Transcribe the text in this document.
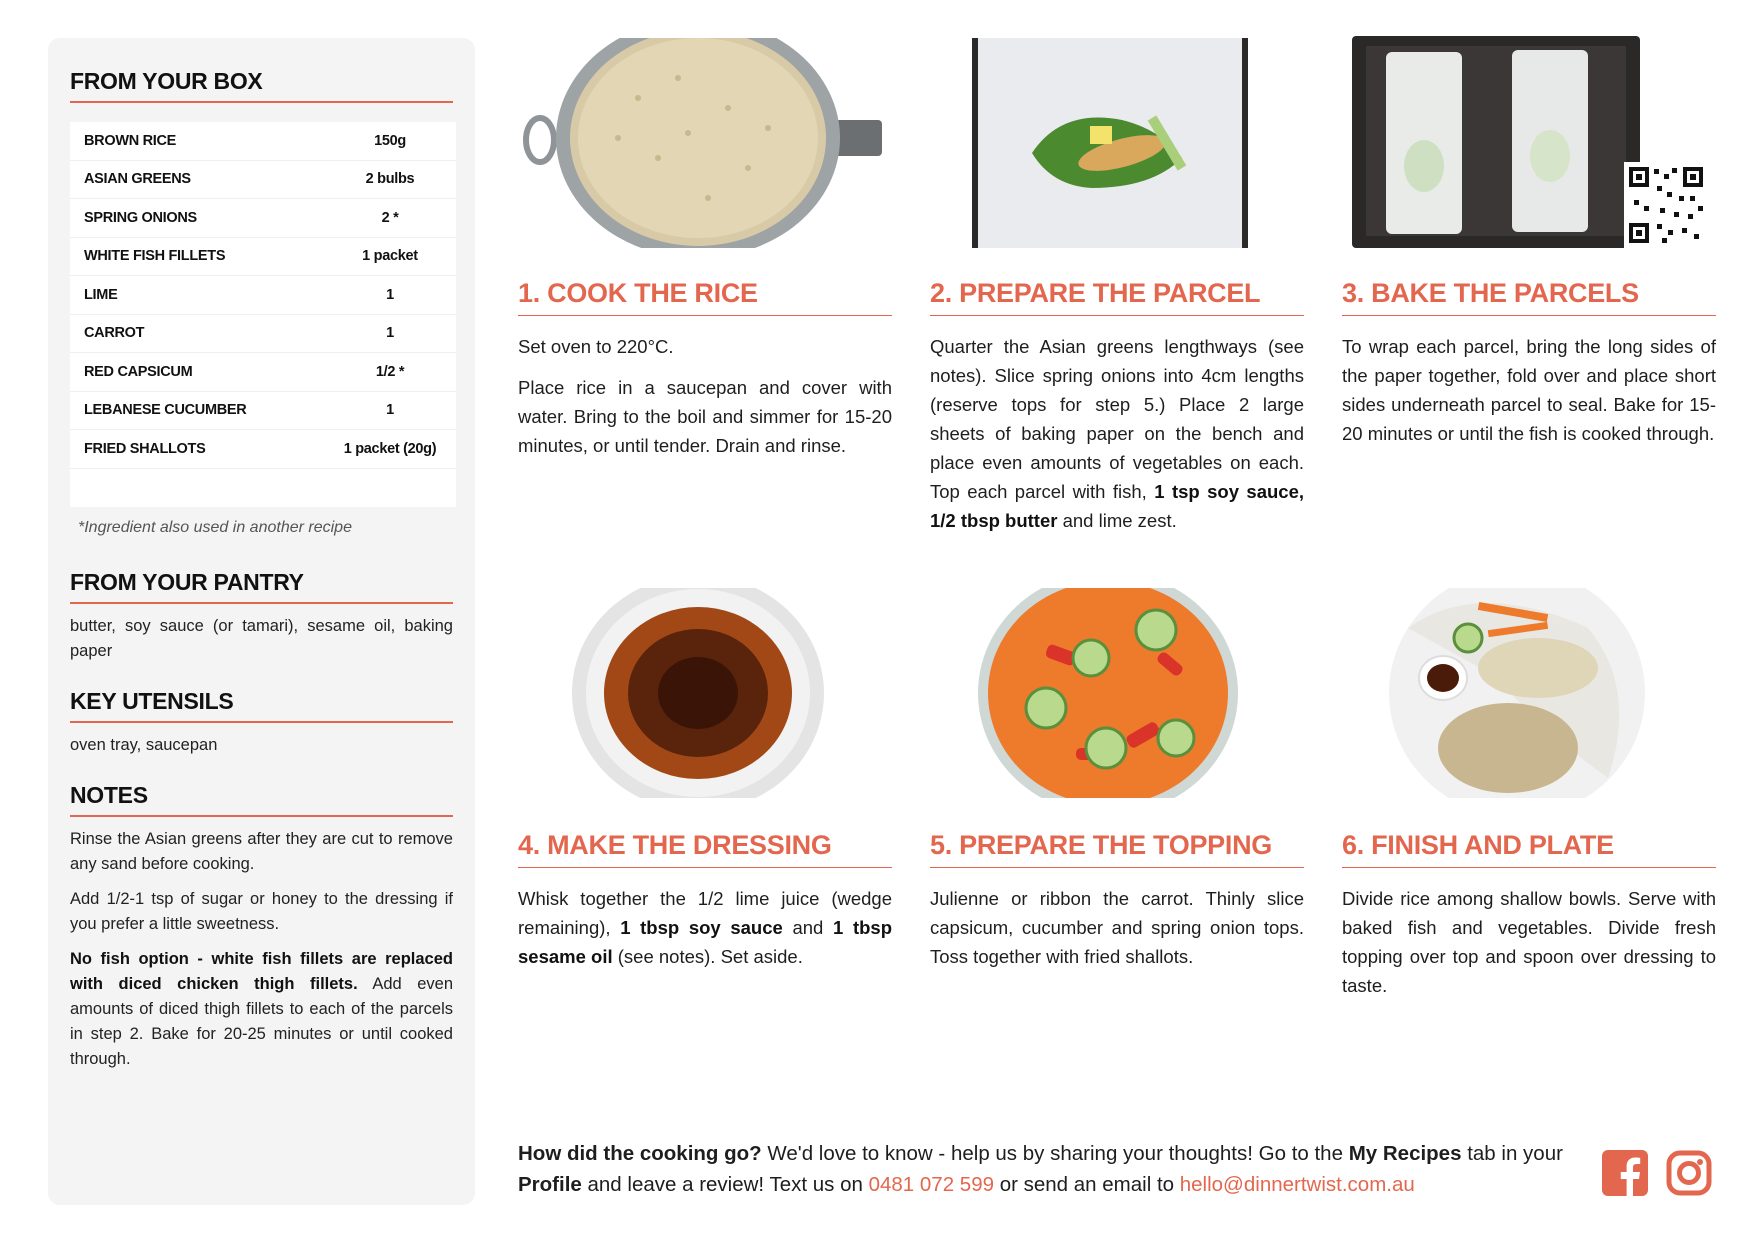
FROM YOUR BOX
BROWN RICE	150g
ASIAN GREENS	2 bulbs
SPRING ONIONS	2 *
WHITE FISH FILLETS	1 packet
LIME	1
CARROT	1
RED CAPSICUM	1/2 *
LEBANESE CUCUMBER	1
FRIED SHALLOTS	1 packet (20g)
*Ingredient also used in another recipe
FROM YOUR PANTRY
butter, soy sauce (or tamari), sesame oil, baking paper
KEY UTENSILS
oven tray, saucepan
NOTES

Rinse the Asian greens after they are cut to remove any sand before cooking.

Add 1/2-1 tsp of sugar or honey to the dressing if you prefer a little sweetness.

No fish option - white fish fillets are replaced with diced chicken thigh fillets. Add even amounts of diced thigh fillets to each of the parcels in step 2. Bake for 20-25 minutes or until cooked through.

1. COOK THE RICE

Set oven to 220°C.

Place rice in a saucepan and cover with water. Bring to the boil and simmer for 15-20 minutes, or until tender. Drain and rinse.

2. PREPARE THE PARCEL

Quarter the Asian greens lengthways (see notes). Slice spring onions into 4cm lengths (reserve tops for step 5.) Place 2 large sheets of baking paper on the bench and place even amounts of vegetables on each. Top each parcel with fish, 1 tsp soy sauce, 1/2 tbsp butter and lime zest.

3. BAKE THE PARCELS

To wrap each parcel, bring the long sides of the paper together, fold over and place short sides underneath parcel to seal. Bake for 15-20 minutes or until the fish is cooked through.

4. MAKE THE DRESSING

Whisk together the 1/2 lime juice (wedge remaining), 1 tbsp soy sauce and 1 tbsp sesame oil (see notes). Set aside.

5. PREPARE THE TOPPING

Julienne or ribbon the carrot. Thinly slice capsicum, cucumber and spring onion tops. Toss together with fried shallots.

6. FINISH AND PLATE

Divide rice among shallow bowls. Serve with baked fish and vegetables. Divide fresh topping over top and spoon over dressing to taste.

How did the cooking go? We'd love to know - help us by sharing your thoughts! Go to the My Recipes tab in your Profile and leave a review! Text us on 0481 072 599 or send an email to hello@dinnertwist.com.au
